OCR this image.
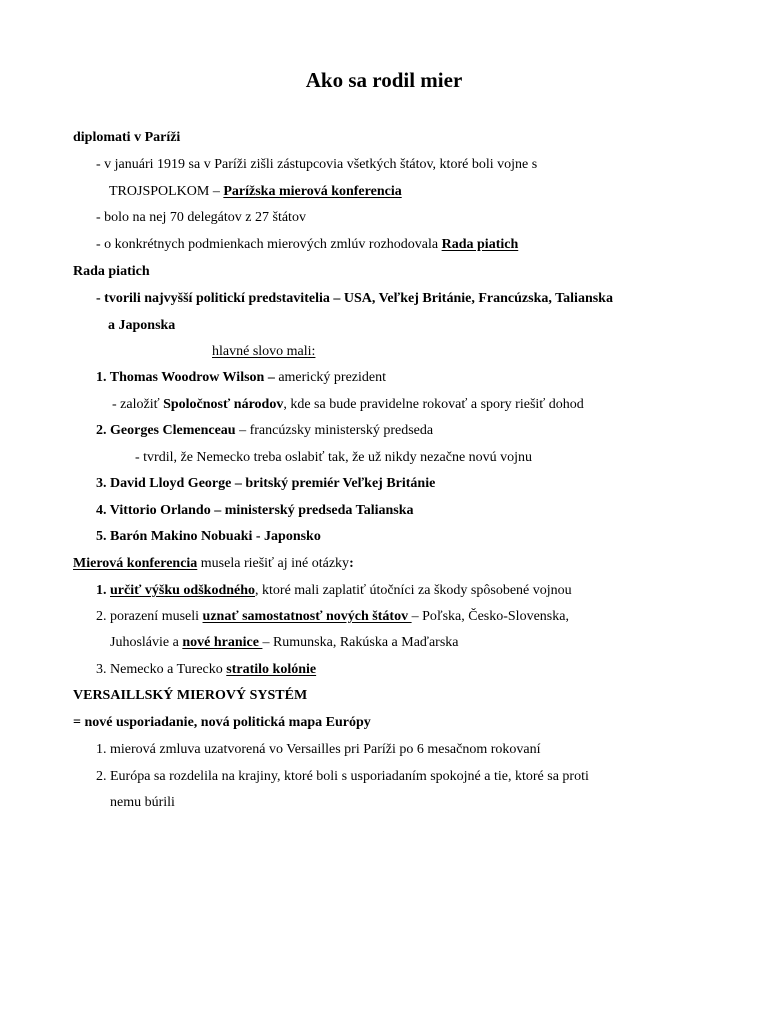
Ako sa rodil mier
diplomati v Paríži
- v januári 1919 sa v Paríži zišli zástupcovia všetkých štátov, ktoré boli vojne s
TROJSPOLKOM – Parížska mierová konferencia
- bolo na nej 70 delegátov z 27 štátov
- o konkrétnych podmienkach mierových zmlúv rozhodovala Rada piatich
Rada piatich
- tvorili najvyšší politickí predstavitelia – USA, Veľkej Británie, Francúzska, Talianska
a Japonska
hlavné slovo mali:
1. Thomas Woodrow Wilson – americký prezident
- založiť Spoločnosť národov, kde sa bude pravidelne rokovať a spory riešiť dohod
2. Georges Clemenceau – francúzsky ministerský predseda
- tvrdil, že Nemecko treba oslabiť tak, že už nikdy nezačne novú vojnu
3. David Lloyd George – britský premiér Veľkej Británie
4. Vittorio Orlando – ministerský predseda Talianska
5. Barón Makino Nobuaki - Japonsko
Mierová konferencia musela riešiť aj iné otázky:
1. určiť výšku odškodného, ktoré mali zaplatiť útočníci za škody spôsobené vojnou
2. porazení museli uznať samostatnosť nových štátov – Poľska, Česko-Slovenska,
Juhoslávie a nové hranice – Rumunska, Rakúska a Maďarska
3. Nemecko a Turecko stratilo kolónie
VERSAILLSKÝ MIEROVÝ SYSTÉM
= nové usporiadanie, nová politická mapa Európy
1. mierová zmluva uzatvorená vo Versailles pri Paríži po 6 mesačnom rokovaní
2. Európa sa rozdelila na krajiny, ktoré boli s usporiadaním spokojné a tie, ktoré sa proti
nemu búrili
